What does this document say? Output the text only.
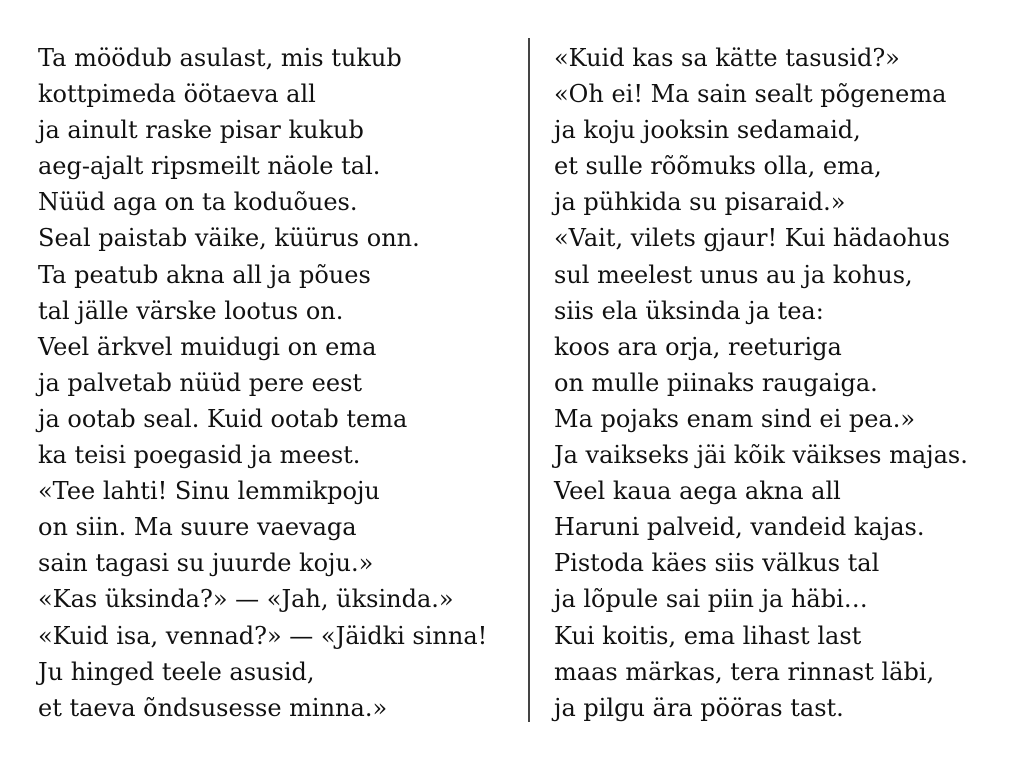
Ta möödub asulast, mis tukub
kottpimeda öötaeva all
ja ainult raske pisar kukub
aeg-ajalt ripsmeilt näole tal.
Nüüd aga on ta koduõues.
Seal paistab väike, küürus onn.
Ta peatub akna all ja põues
tal jälle värske lootus on.
Veel ärkvel muidugi on ema
ja palvetab nüüd pere eest
ja ootab seal. Kuid ootab tema
ka teisi poegasid ja meest.
«Tee lahti! Sinu lemmikpoju
on siin. Ma suure vaevaga
sain tagasi su juurde koju.»
«Kas üksinda?» — «Jah, üksinda.»
«Kuid isa, vennad?» — «Jäidki sinna!
Ju hinged teele asusid,
et taeva õndsusesse minna.»
«Kuid kas sa kätte tasusid?»
«Oh ei! Ma sain sealt põgenema
ja koju jooksin sedamaid,
et sulle rõõmuks olla, ema,
ja pühkida su pisaraid.»
«Vait, vilets gjaur! Kui hädaohus
sul meelest unus au ja kohus,
siis ela üksinda ja tea:
koos ara orja, reeturiga
on mulle piinaks raugaiga.
Ma pojaks enam sind ei pea.»
Ja vaikseks jäi kõik väikses majas.
Veel kaua aega akna all
Haruni palveid, vandeid kajas.
Pistoda käes siis välkus tal
ja lõpule sai piin ja häbi…
Kui koitis, ema lihast last
maas märkas, tera rinnast läbi,
ja pilgu ära pööras tast.
